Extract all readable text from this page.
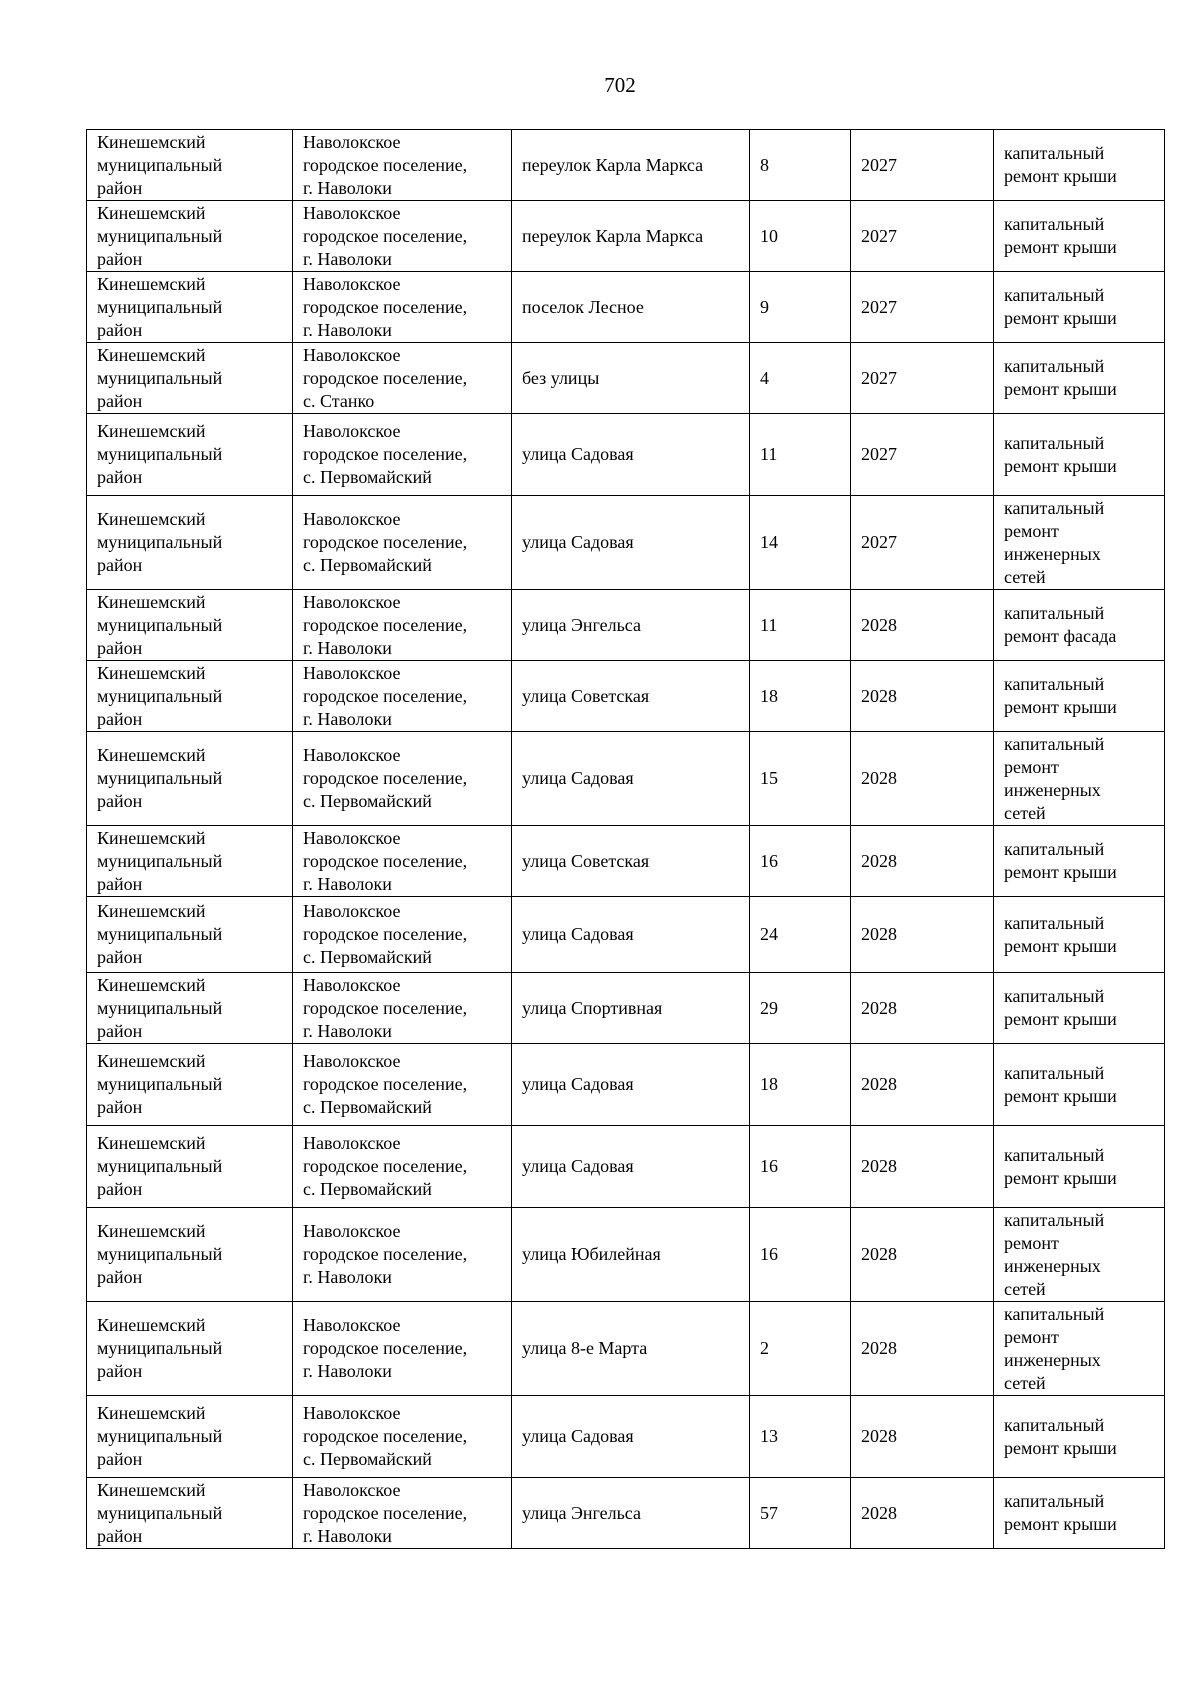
702
Кинешемский
муниципальный
район	Наволокское
городское поселение,
г. Наволоки	переулок Карла Маркса	8	2027	капитальный
ремонт крыши

Кинешемский
муниципальный
район	Наволокское
городское поселение,
г. Наволоки	переулок Карла Маркса	10	2027	капитальный
ремонт крыши

Кинешемский
муниципальный
район	Наволокское
городское поселение,
г. Наволоки	поселок Лесное	9	2027	капитальный
ремонт крыши

Кинешемский
муниципальный
район	Наволокское
городское поселение,
с. Станко	без улицы	4	2027	капитальный
ремонт крыши

Кинешемский
муниципальный
район	Наволокское
городское поселение,
с. Первомайский	улица Садовая	11	2027	капитальный
ремонт крыши

Кинешемский
муниципальный
район	Наволокское
городское поселение,
с. Первомайский	улица Садовая	14	2027	капитальный
ремонт
инженерных
сетей

Кинешемский
муниципальный
район	Наволокское
городское поселение,
г. Наволоки	улица Энгельса	11	2028	капитальный
ремонт фасада

Кинешемский
муниципальный
район	Наволокское
городское поселение,
г. Наволоки	улица Советская	18	2028	капитальный
ремонт крыши

Кинешемский
муниципальный
район	Наволокское
городское поселение,
с. Первомайский	улица Садовая	15	2028	капитальный
ремонт
инженерных
сетей

Кинешемский
муниципальный
район	Наволокское
городское поселение,
г. Наволоки	улица Советская	16	2028	капитальный
ремонт крыши

Кинешемский
муниципальный
район	Наволокское
городское поселение,
с. Первомайский	улица Садовая	24	2028	капитальный
ремонт крыши

Кинешемский
муниципальный
район	Наволокское
городское поселение,
г. Наволоки	улица Спортивная	29	2028	капитальный
ремонт крыши

Кинешемский
муниципальный
район	Наволокское
городское поселение,
с. Первомайский	улица Садовая	18	2028	капитальный
ремонт крыши

Кинешемский
муниципальный
район	Наволокское
городское поселение,
с. Первомайский	улица Садовая	16	2028	капитальный
ремонт крыши

Кинешемский
муниципальный
район	Наволокское
городское поселение,
г. Наволоки	улица Юбилейная	16	2028	капитальный
ремонт
инженерных
сетей

Кинешемский
муниципальный
район	Наволокское
городское поселение,
г. Наволоки	улица 8-е Марта	2	2028	капитальный
ремонт
инженерных
сетей

Кинешемский
муниципальный
район	Наволокское
городское поселение,
с. Первомайский	улица Садовая	13	2028	капитальный
ремонт крыши

Кинешемский
муниципальный
район	Наволокское
городское поселение,
г. Наволоки	улица Энгельса	57	2028	капитальный
ремонт крыши
